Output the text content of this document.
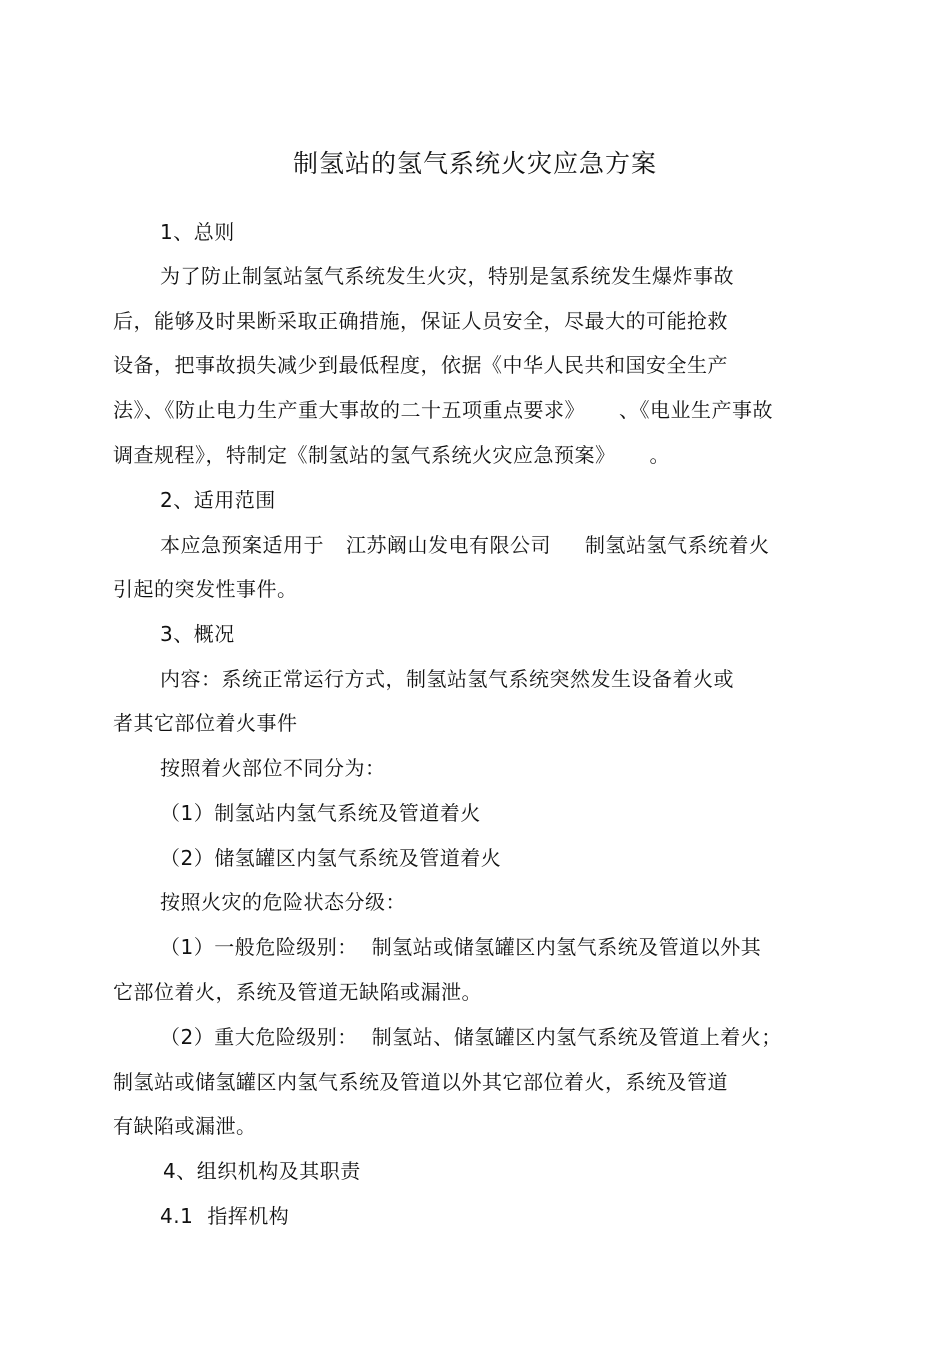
制氢站的氢气系统火灾应急方案
1、总则
为了防止制氢站氢气系统发生火灾，特别是氢系统发生爆炸事故
后，能够及时果断采取正确措施，保证人员安全，尽最大的可能抢救
设备，把事故损失减少到最低程度，依据《中华人民共和国安全生产
法》、《防止电力生产重大事故的二十五项重点要求》 、《电业生产事故
调查规程》，特制定《制氢站的氢气系统火灾应急预案》 。
2、适用范围
本应急预案适用于 江苏阚山发电有限公司 制氢站氢气系统着火
引起的突发性事件。
3、概况
内容：系统正常运行方式，制氢站氢气系统突然发生设备着火或
者其它部位着火事件
按照着火部位不同分为：
（1）制氢站内氢气系统及管道着火
（2）储氢罐区内氢气系统及管道着火
按照火灾的危险状态分级：
（1）一般危险级别： 制氢站或储氢罐区内氢气系统及管道以外其
它部位着火，系统及管道无缺陷或漏泄。
（2）重大危险级别： 制氢站、储氢罐区内氢气系统及管道上着火；
制氢站或储氢罐区内氢气系统及管道以外其它部位着火，系统及管道
有缺陷或漏泄。
4、组织机构及其职责
4.1 指挥机构
